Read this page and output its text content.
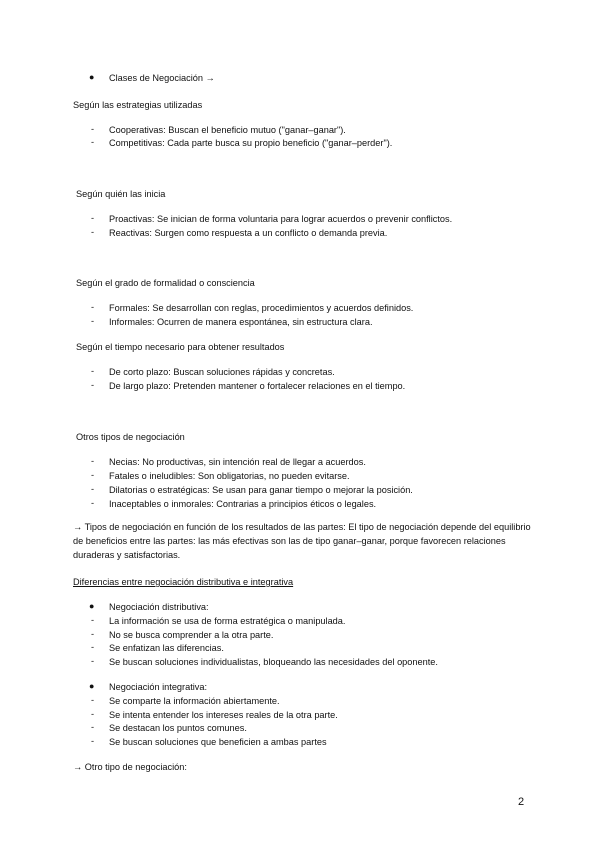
● Clases de Negociación →
Según las estrategias utilizadas
- Cooperativas: Buscan el beneficio mutuo ("ganar–ganar").
- Competitivas: Cada parte busca su propio beneficio ("ganar–perder").
Según quién las inicia
- Proactivas: Se inician de forma voluntaria para lograr acuerdos o prevenir conflictos.
- Reactivas: Surgen como respuesta a un conflicto o demanda previa.
Según el grado de formalidad o consciencia
- Formales: Se desarrollan con reglas, procedimientos y acuerdos definidos.
- Informales: Ocurren de manera espontánea, sin estructura clara.
Según el tiempo necesario para obtener resultados
- De corto plazo: Buscan soluciones rápidas y concretas.
- De largo plazo: Pretenden mantener o fortalecer relaciones en el tiempo.
Otros tipos de negociación
- Necias: No productivas, sin intención real de llegar a acuerdos.
- Fatales o ineludibles: Son obligatorias, no pueden evitarse.
- Dilatorias o estratégicas: Se usan para ganar tiempo o mejorar la posición.
- Inaceptables o inmorales: Contrarias a principios éticos o legales.
→ Tipos de negociación en función de los resultados de las partes: El tipo de negociación depende del equilibrio de beneficios entre las partes: las más efectivas son las de tipo ganar–ganar, porque favorecen relaciones duraderas y satisfactorias.
Diferencias entre negociación distributiva e integrativa
● Negociación distributiva:
- La información se usa de forma estratégica o manipulada.
- No se busca comprender a la otra parte.
- Se enfatizan las diferencias.
- Se buscan soluciones individualistas, bloqueando las necesidades del oponente.
● Negociación integrativa:
- Se comparte la información abiertamente.
- Se intenta entender los intereses reales de la otra parte.
- Se destacan los puntos comunes.
- Se buscan soluciones que beneficien a ambas partes
→ Otro tipo de negociación:
2
